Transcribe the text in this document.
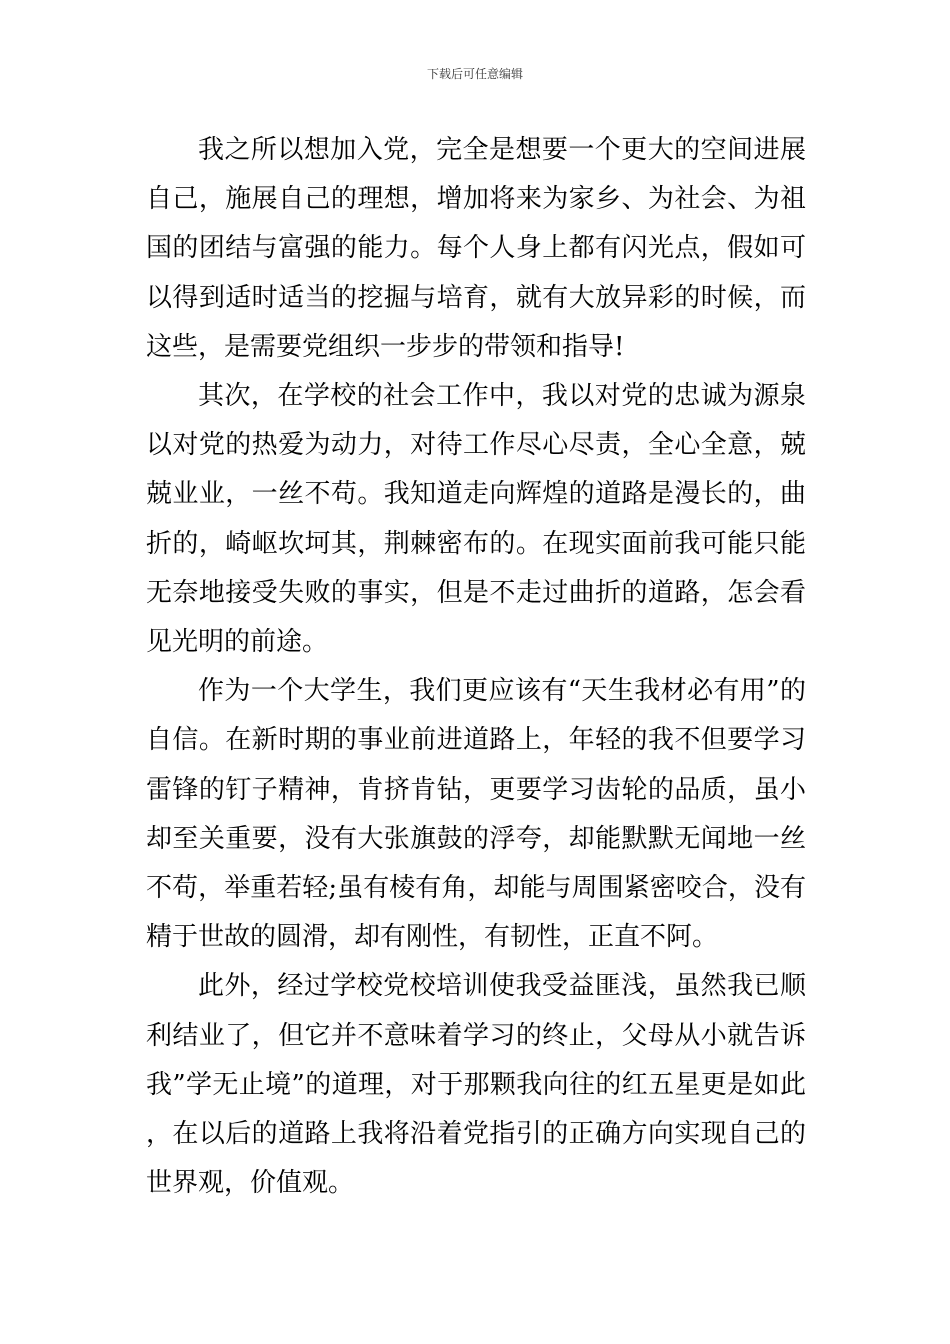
下载后可任意编辑

我之所以想加入党，完全是想要一个更大的空间进展自己，施展自己的理想，增加将来为家乡、为社会、为祖国的团结与富强的能力。每个人身上都有闪光点，假如可以得到适时适当的挖掘与培育，就有大放异彩的时候，而这些，是需要党组织一步步的带领和指导!

其次，在学校的社会工作中，我以对党的忠诚为源泉以对党的热爱为动力，对待工作尽心尽责，全心全意，兢兢业业，一丝不苟。我知道走向辉煌的道路是漫长的，曲折的，崎岖坎坷其，荆棘密布的。在现实面前我可能只能无奈地接受失败的事实，但是不走过曲折的道路，怎会看见光明的前途。

作为一个大学生，我们更应该有“天生我材必有用”的自信。在新时期的事业前进道路上，年轻的我不但要学习雷锋的钉子精神，肯挤肯钻，更要学习齿轮的品质，虽小却至关重要，没有大张旗鼓的浮夸，却能默默无闻地一丝不苟，举重若轻;虽有棱有角，却能与周围紧密咬合，没有精于世故的圆滑，却有刚性，有韧性，正直不阿。

此外，经过学校党校培训使我受益匪浅，虽然我已顺利结业了，但它并不意味着学习的终止，父母从小就告诉我”学无止境”的道理，对于那颗我向往的红五星更是如此，在以后的道路上我将沿着党指引的正确方向实现自己的世界观，价值观。
